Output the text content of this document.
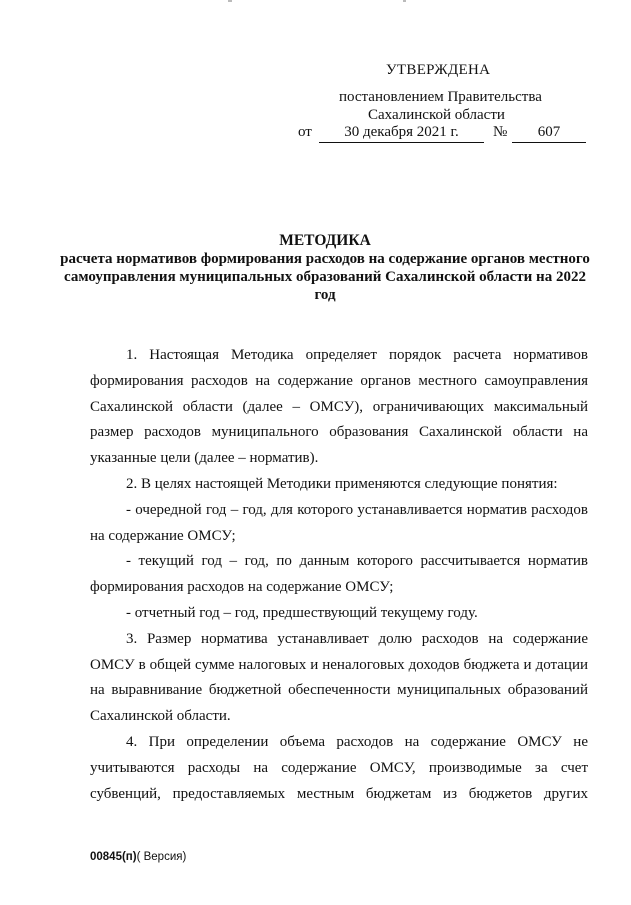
УТВЕРЖДЕНА
постановлением Правительства
Сахалинской области
от	30 декабря 2021 г.	№	607
МЕТОДИКА
расчета нормативов формирования расходов на содержание органов местного самоуправления муниципальных образований Сахалинской области на 2022 год

1. Настоящая Методика определяет порядок расчета нормативов формирования расходов на содержание органов местного самоуправления Сахалинской области (далее – ОМСУ), ограничивающих максимальный размер расходов муниципального образования Сахалинской области на указанные цели (далее – норматив).

2. В целях настоящей Методики применяются следующие понятия:

- очередной год – год, для которого устанавливается норматив расходов на содержание ОМСУ;

- текущий год – год, по данным которого рассчитывается норматив формирования расходов на содержание ОМСУ;

- отчетный год – год, предшествующий текущему году.

3. Размер норматива устанавливает долю расходов на содержание ОМСУ в общей сумме налоговых и неналоговых доходов бюджета и дотации на выравнивание бюджетной обеспеченности муниципальных образований Сахалинской области.

4. При определении объема расходов на содержание ОМСУ не учитываются расходы на содержание ОМСУ, производимые за счет субвенций, предоставляемых местным бюджетам из бюджетов других

00845(п)( Версия)
